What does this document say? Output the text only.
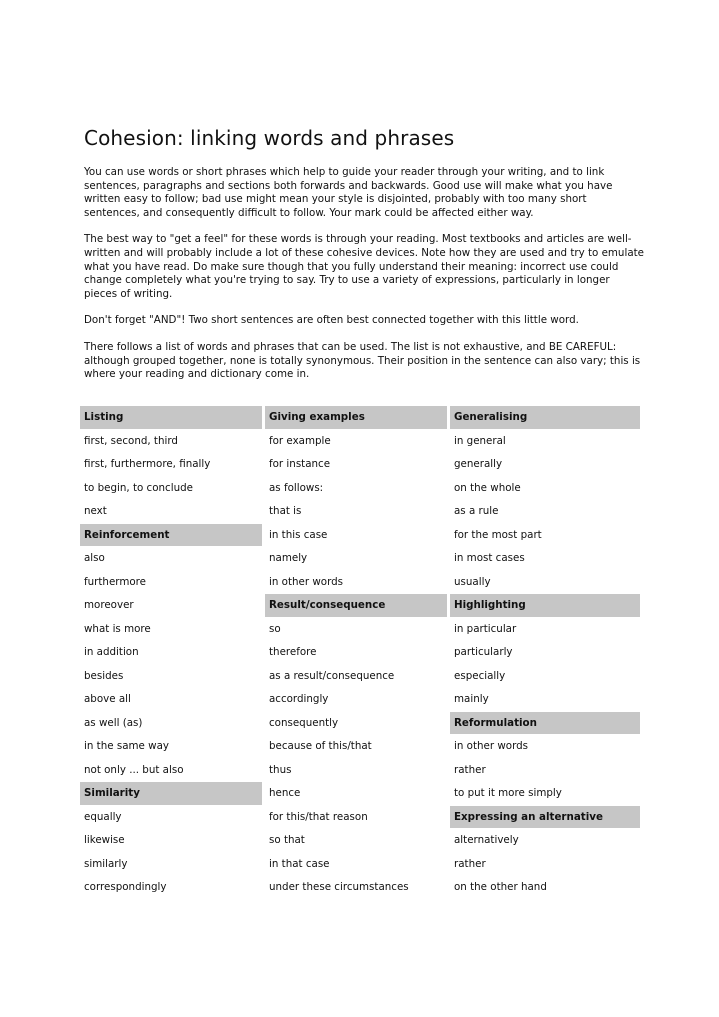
Cohesion: linking words and phrases

You can use words or short phrases which help to guide your reader through your writing, and to link sentences, paragraphs and sections both forwards and backwards. Good use will make what you have written easy to follow; bad use might mean your style is disjointed, probably with too many short sentences, and consequently difficult to follow. Your mark could be affected either way.

The best way to "get a feel" for these words is through your reading. Most textbooks and articles are well-written and will probably include a lot of these cohesive devices. Note how they are used and try to emulate what you have read. Do make sure though that you fully understand their meaning: incorrect use could change completely what you're trying to say. Try to use a variety of expressions, particularly in longer pieces of writing.

Don't forget "AND"! Two short sentences are often best connected together with this little word.

There follows a list of words and phrases that can be used. The list is not exhaustive, and BE CAREFUL: although grouped together, none is totally synonymous. Their position in the sentence can also vary; this is where your reading and dictionary come in.

Listing	Giving examples	Generalising
first, second, third	for example	in general
first, furthermore, finally	for instance	generally
to begin, to conclude	as follows:	on the whole
next	that is	as a rule
Reinforcement	in this case	for the most part
also	namely	in most cases
furthermore	in other words	usually
moreover	Result/consequence	Highlighting
what is more	so	in particular
in addition	therefore	particularly
besides	as a result/consequence	especially
above all	accordingly	mainly
as well (as)	consequently	Reformulation
in the same way	because of this/that	in other words
not only ... but also	thus	rather
Similarity	hence	to put it more simply
equally	for this/that reason	Expressing an alternative
likewise	so that	alternatively
similarly	in that case	rather
correspondingly	under these circumstances	on the other hand
